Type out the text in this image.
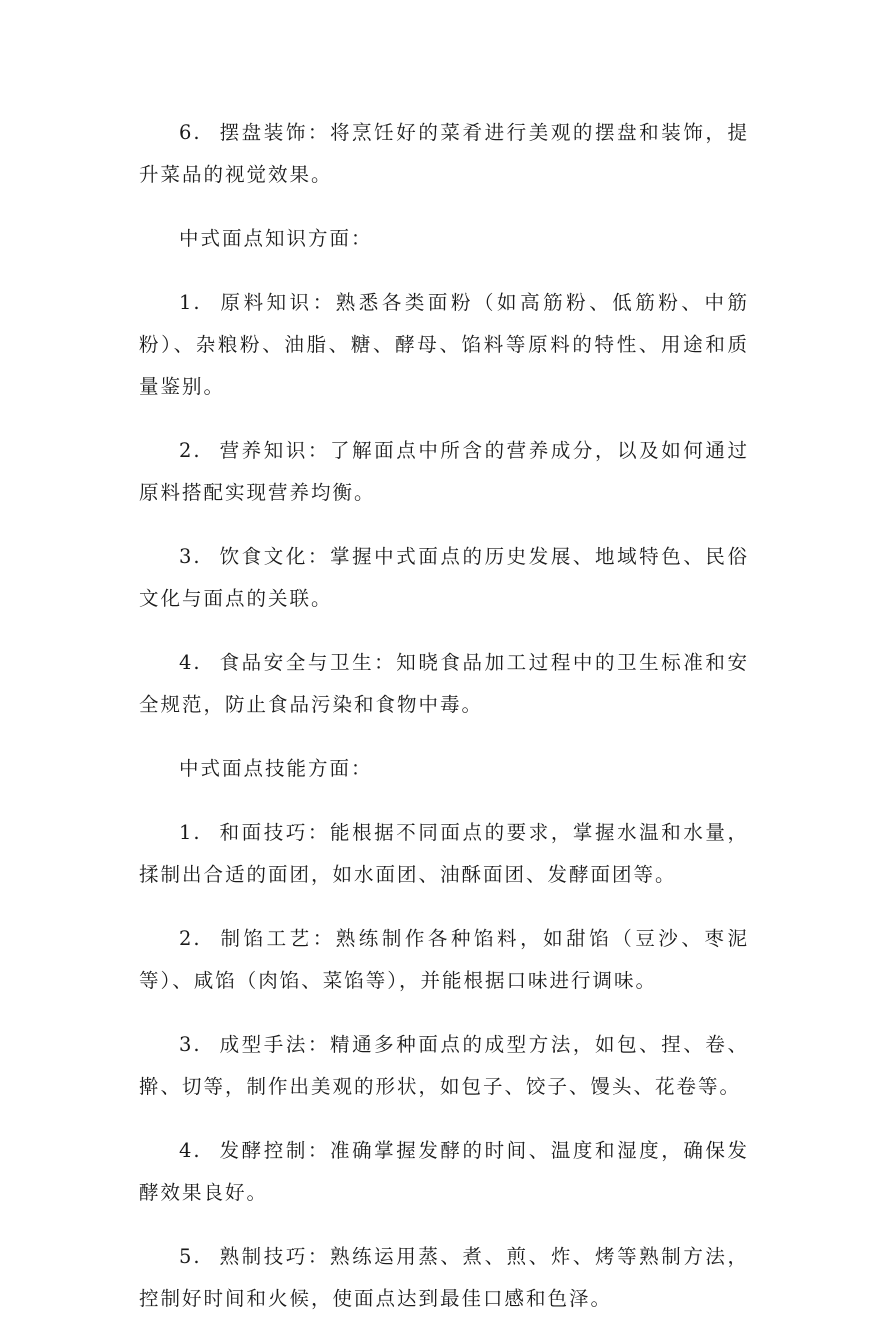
6. 摆盘装饰：将烹饪好的菜肴进行美观的摆盘和装饰，提升菜品的视觉效果。

中式面点知识方面：

1. 原料知识：熟悉各类面粉（如高筋粉、低筋粉、中筋粉）、杂粮粉、油脂、糖、酵母、馅料等原料的特性、用途和质量鉴别。

2. 营养知识：了解面点中所含的营养成分，以及如何通过原料搭配实现营养均衡。

3. 饮食文化：掌握中式面点的历史发展、地域特色、民俗文化与面点的关联。

4. 食品安全与卫生：知晓食品加工过程中的卫生标准和安全规范，防止食品污染和食物中毒。

中式面点技能方面：

1. 和面技巧：能根据不同面点的要求，掌握水温和水量，揉制出合适的面团，如水面团、油酥面团、发酵面团等。

2. 制馅工艺：熟练制作各种馅料，如甜馅（豆沙、枣泥等）、咸馅（肉馅、菜馅等），并能根据口味进行调味。

3. 成型手法：精通多种面点的成型方法，如包、捏、卷、擀、切等，制作出美观的形状，如包子、饺子、馒头、花卷等。

4. 发酵控制：准确掌握发酵的时间、温度和湿度，确保发酵效果良好。

5. 熟制技巧：熟练运用蒸、煮、煎、炸、烤等熟制方法，控制好时间和火候，使面点达到最佳口感和色泽。
